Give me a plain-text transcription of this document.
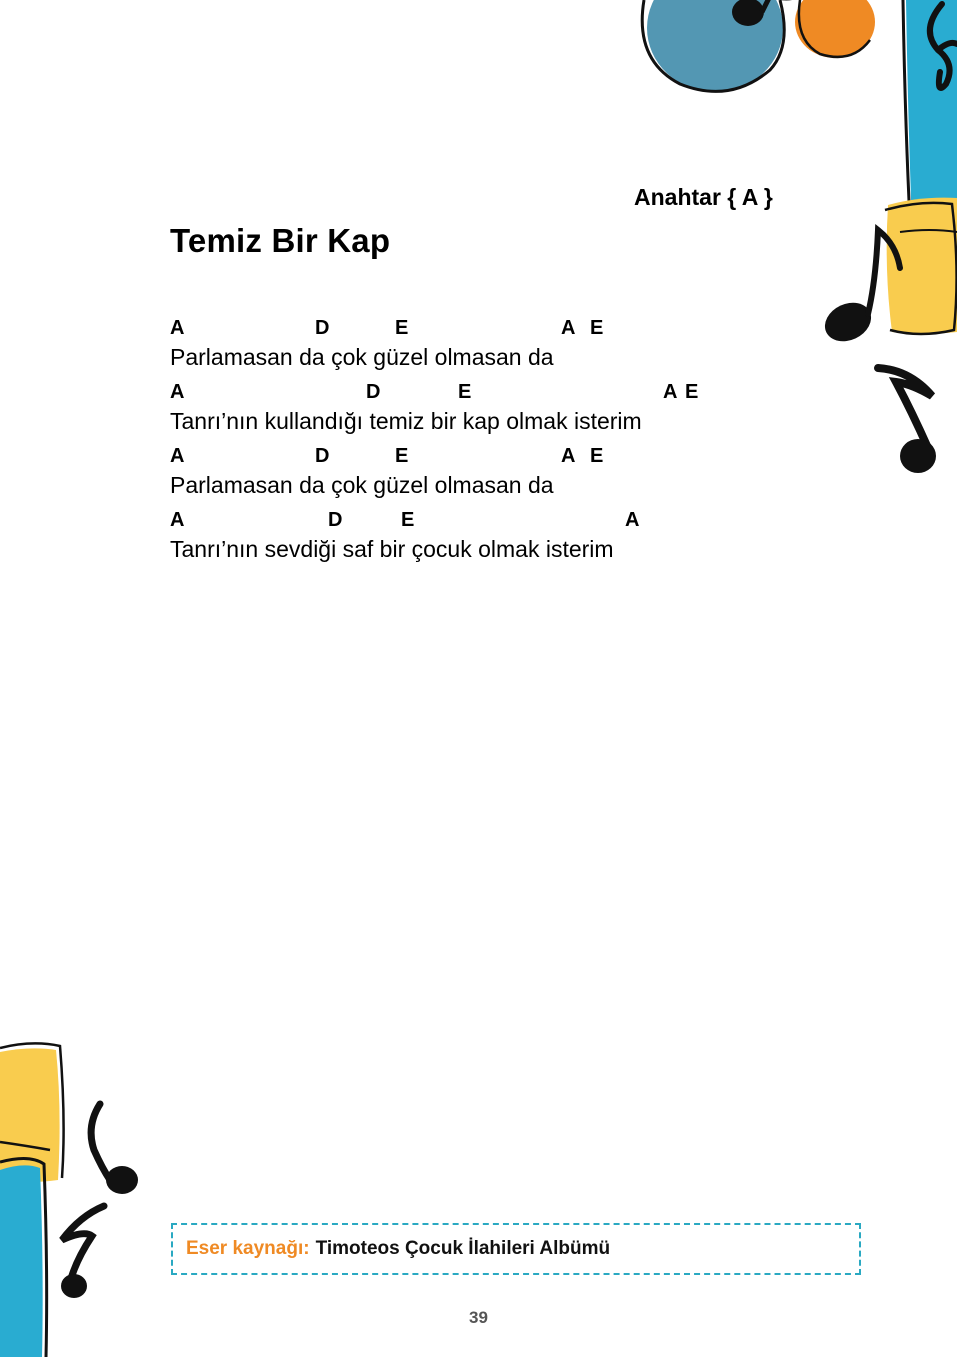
Anahtar { A }
Temiz Bir Kap
A	D	E	A E
Parlamasan da çok güzel olmasan da
A	D	E	A E
Tanrı’nın kullandığı temiz bir kap olmak isterim
A	D	E	A E
Parlamasan da çok güzel olmasan da
A	D	E	A
Tanrı’nın sevdiği saf bir çocuk olmak isterim
Eser kaynağı: Timoteos Çocuk İlahileri Albümü
39
